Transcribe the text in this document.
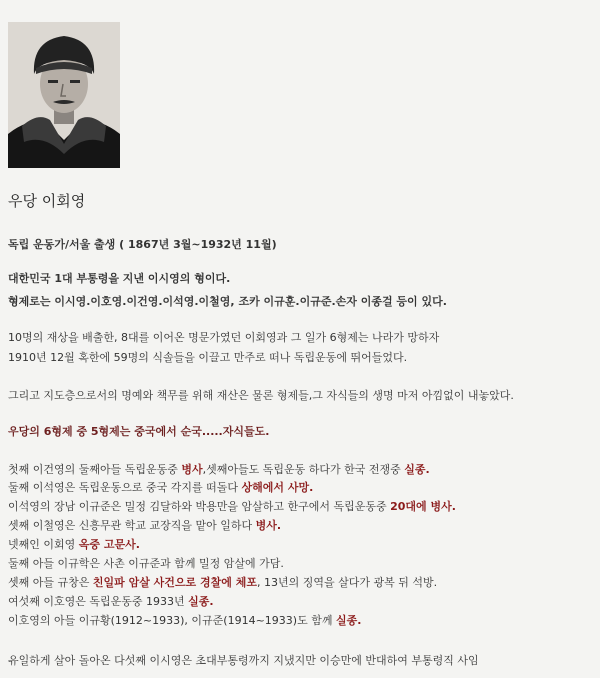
우당 이회영
독립 운동가/서울 출생 ( 1867년 3월~1932년 11월)
대한민국 1대 부통령을 지낸 이시영의 형이다.
형제로는 이시영.이호영.이건영.이석영.이철영, 조카 이규훈.이규준.손자 이종걸 등이 있다.
10명의 재상을 배출한, 8대를 이어온 명문가였던 이회영과 그 일가 6형제는 나라가 망하자
1910년 12월 혹한에 59명의 식솔들을 이끌고 만주로 떠나 독립운동에 뛰어들었다.
그리고 지도층으로서의 명예와 책무를 위해 재산은 물론 형제들,그 자식들의 생명 마저 아낌없이 내놓았다.
우당의 6형제 중 5형제는 중국에서 순국.....자식들도.
첫째 이건영의 둘째아들 독립운동중 병사,셋째아들도 독립운동 하다가 한국 전쟁중 실종.
둘째 이석영은 독립운동으로 중국 각지를 떠돌다 상해에서 사망.
이석영의 장남 이규준은 밀정 김달하와 박용만을 암살하고 한구에서 독립운동중 20대에 병사.
셋째 이철영은 신흥무관 학교 교장직을 맡아 일하다 병사.
넷째인 이회영 옥중 고문사.
둘째 아들 이규학은 사촌 이규준과 함께 밀정 암살에 가담.
셋째 아들 규창은 친일파 암살 사건으로 경찰에 체포, 13년의 징역을 살다가 광복 뒤 석방.
여섯째 이호영은 독립운동중 1933년 실종.
이호영의 아들 이규황(1912~1933), 이규준(1914~1933)도 함께 실종.
유일하게 살아 돌아온 다섯째 이시영은 초대부통령까지 지냈지만 이승만에 반대하여 부통령직 사임
